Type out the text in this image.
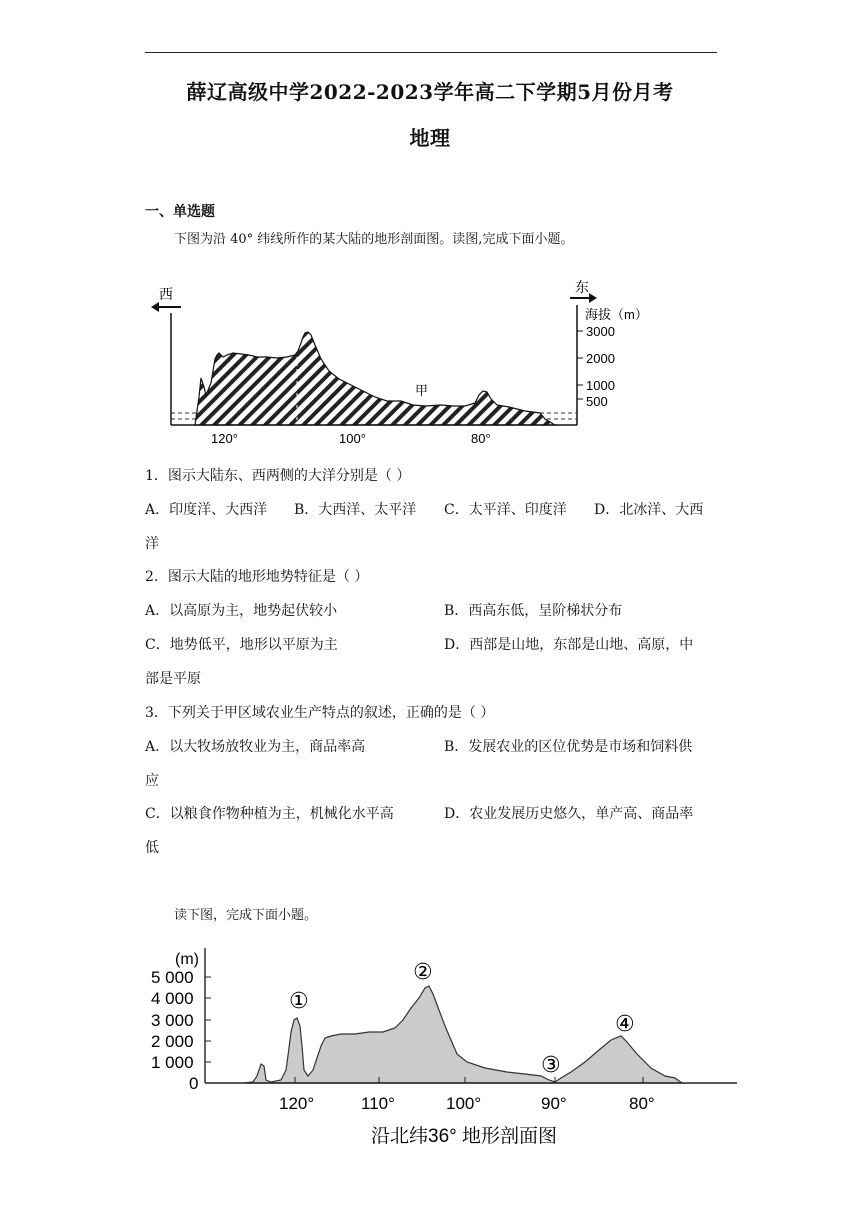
薛辽高级中学2022-2023学年高二下学期5月份月考
地理
一、单选题
下图为沿 40° 纬线所作的某大陆的地形剖面图。读图,完成下面小题。
3000
2000
1000
500
海拔（m）
西	东
甲
120°	100°	80°
1．图示大陆东、西两侧的大洋分别是（ ）
A．印度洋、大西洋 B．大西洋、太平洋 C．太平洋、印度洋 D．北冰洋、大西
洋
2．图示大陆的地形地势特征是（ ）
A．以高原为主，地势起伏较小	B．西高东低，呈阶梯状分布
C．地势低平，地形以平原为主	D．西部是山地，东部是山地、高原，中
部是平原
3．下列关于甲区域农业生产特点的叙述，正确的是（ ）
A．以大牧场放牧业为主，商品率高	B．发展农业的区位优势是市场和饲料供
应
C．以粮食作物种植为主，机械化水平高	D．农业发展历史悠久，单产高、商品率
低
读下图，完成下面小题。
(m)
5 000
4 000
3 000
2 000
1 000
0
120°	110°	100°	90°	80°
①
②
③
④
沿北纬36° 地形剖面图
